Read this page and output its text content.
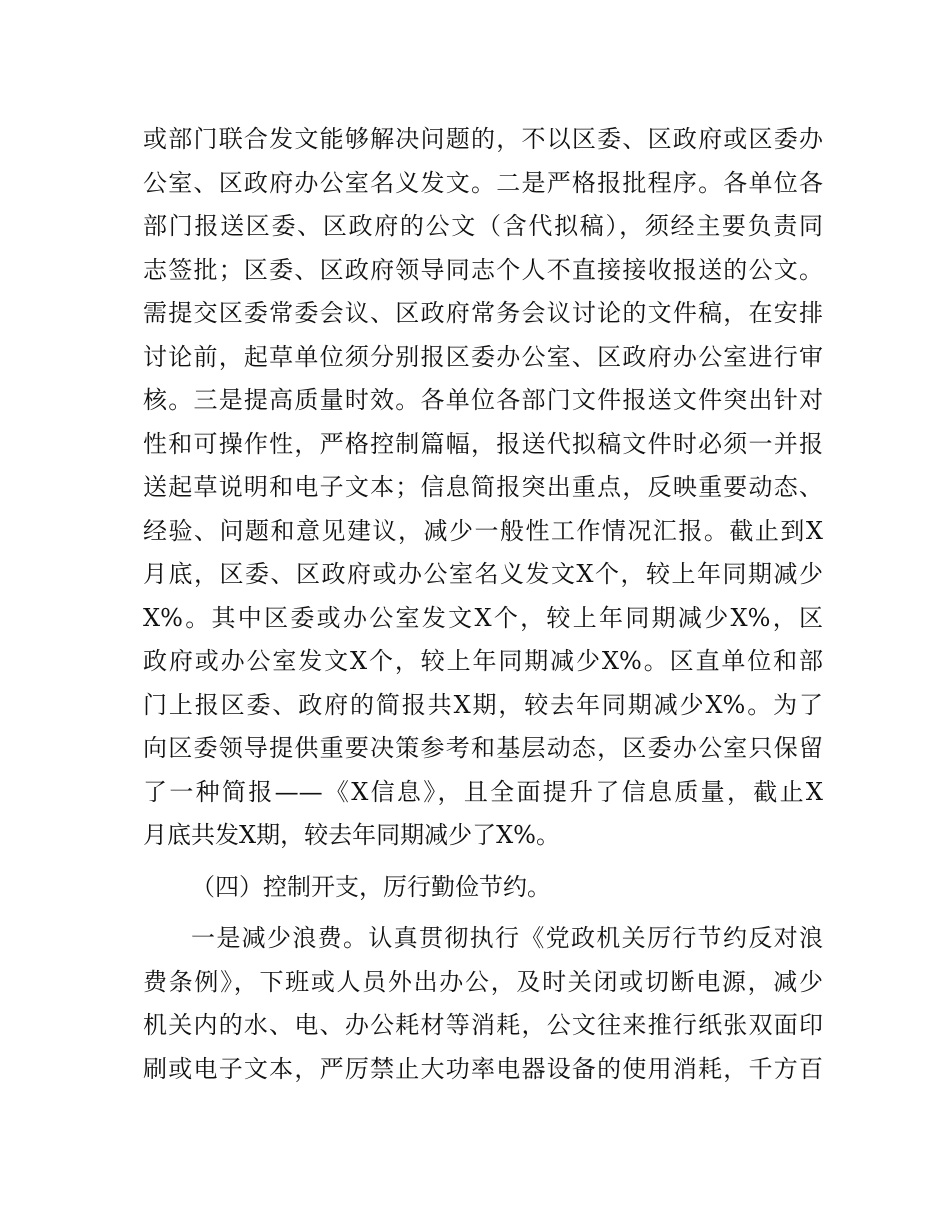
或部门联合发文能够解决问题的，不以区委、区政府或区委办
公室、区政府办公室名义发文。二是严格报批程序。各单位各
部门报送区委、区政府的公文（含代拟稿），须经主要负责同
志签批；区委、区政府领导同志个人不直接接收报送的公文。
需提交区委常委会议、区政府常务会议讨论的文件稿，在安排
讨论前，起草单位须分别报区委办公室、区政府办公室进行审
核。三是提高质量时效。各单位各部门文件报送文件突出针对
性和可操作性，严格控制篇幅，报送代拟稿文件时必须一并报
送起草说明和电子文本；信息简报突出重点，反映重要动态、
经验、问题和意见建议，减少一般性工作情况汇报。截止到X
月底，区委、区政府或办公室名义发文X个，较上年同期减少
X%。其中区委或办公室发文X个，较上年同期减少X%，区
政府或办公室发文X个，较上年同期减少X%。区直单位和部
门上报区委、政府的简报共X期，较去年同期减少X%。为了
向区委领导提供重要决策参考和基层动态，区委办公室只保留
了一种简报——《X信息》，且全面提升了信息质量，截止X
月底共发X期，较去年同期减少了X%。
（四）控制开支，厉行勤俭节约。
一是减少浪费。认真贯彻执行《党政机关厉行节约反对浪
费条例》，下班或人员外出办公，及时关闭或切断电源，减少
机关内的水、电、办公耗材等消耗，公文往来推行纸张双面印
刷或电子文本，严厉禁止大功率电器设备的使用消耗，千方百
